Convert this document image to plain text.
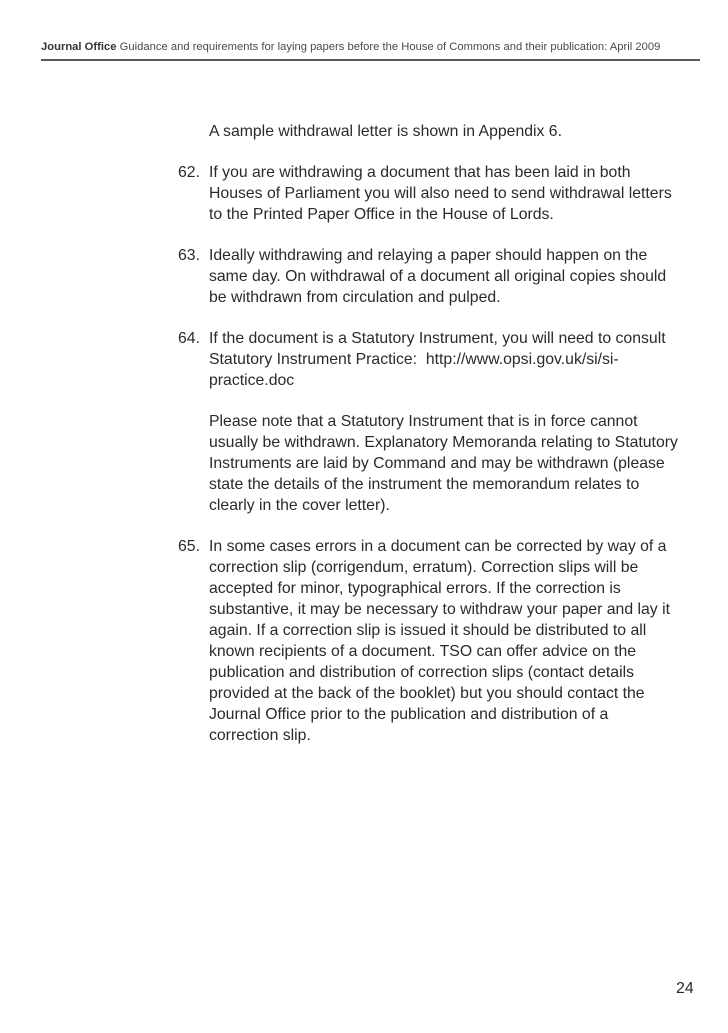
Journal Office Guidance and requirements for laying papers before the House of Commons and their publication: April 2009

A sample withdrawal letter is shown in Appendix 6.

62. If you are withdrawing a document that has been laid in both Houses of Parliament you will also need to send withdrawal letters to the Printed Paper Office in the House of Lords.

63. Ideally withdrawing and relaying a paper should happen on the same day. On withdrawal of a document all original copies should be withdrawn from circulation and pulped.

64. If the document is a Statutory Instrument, you will need to consult Statutory Instrument Practice: http://www.opsi.gov.uk/si/si-practice.doc

Please note that a Statutory Instrument that is in force cannot usually be withdrawn. Explanatory Memoranda relating to Statutory Instruments are laid by Command and may be withdrawn (please state the details of the instrument the memorandum relates to clearly in the cover letter).

65. In some cases errors in a document can be corrected by way of a correction slip (corrigendum, erratum). Correction slips will be accepted for minor, typographical errors. If the correction is substantive, it may be necessary to withdraw your paper and lay it again. If a correction slip is issued it should be distributed to all known recipients of a document. TSO can offer advice on the publication and distribution of correction slips (contact details provided at the back of the booklet) but you should contact the Journal Office prior to the publication and distribution of a correction slip.

24
